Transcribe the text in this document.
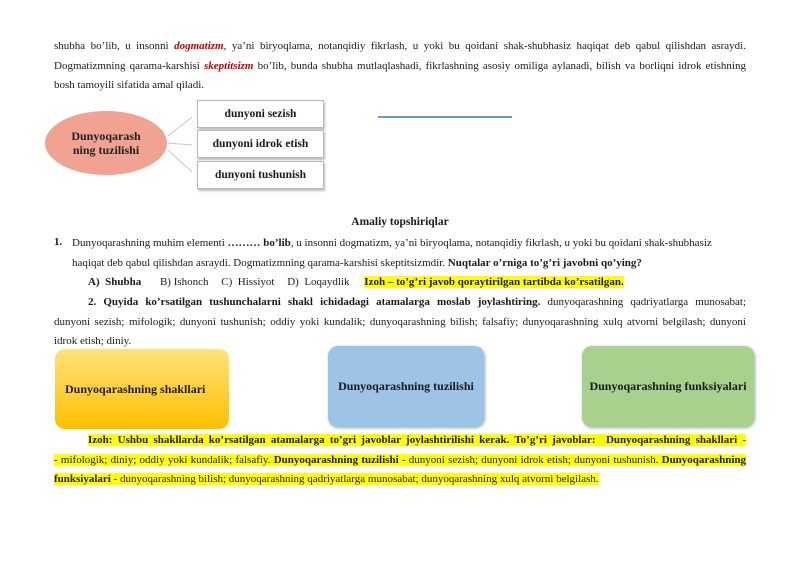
shubha bo’lib, u insonni dogmatizm, ya’ni biryoqlama, notanqidiy fikrlash, u yoki bu qoidani shak-shubhasiz haqiqat deb qabul qilishdan asraydi.
Dogmatizmning qarama-karshisi skeptitsizm bo’lib, bunda shubha mutlaqlashadi, fikrlashning asosiy omiliga aylanadi, bilish va borliqni idrok etishning
bosh tamoyili sifatida amal qiladi.
Dunyoqarash ning tuzilishi
dunyoni sezish
dunyoni idrok etish
dunyoni tushunish
Amaliy topshiriqlar
1. Dunyoqarashning muhim elementi ……… bo’lib, u insonni dogmatizm, ya’ni biryoqlama, notanqidiy fikrlash, u yoki bu qoidani shak-shubhasiz
haqiqat deb qabul qilishdan asraydi. Dogmatizmning qarama-karshisi skeptitsizmdir. Nuqtalar o’rniga to’g’ri javobni qo’ying?
A) Shubha B) Ishonch C) Hissiyot D) Loqaydlik Izoh – to’g’ri javob qoraytirilgan tartibda ko’rsatilgan.
2. Quyida ko’rsatilgan tushunchalarni shakl ichidadagi atamalarga moslab joylashtiring. dunyoqarashning qadriyatlarga munosabat;
dunyoni sezish; mifologik; dunyoni tushunish; oddiy yoki kundalik; dunyoqarashning bilish; falsafiy; dunyoqarashning xulq atvorni belgilash; dunyoni
idrok etish; diniy.
Dunyoqarashning shakllari	Dunyoqarashning tuzilishi	Dunyoqarashning funksiyalari
Izoh: Ushbu shakllarda ko’rsatilgan atamalarga to’gri javoblar joylashtirilishi kerak. To’g’ri javoblar: Dunyoqarashning shakllari -
- mifologik; diniy; oddiy yoki kundalik; falsafiy. Dunyoqarashning tuzilishi - dunyoni sezish; dunyoni idrok etish; dunyoni tushunish. Dunyoqarashning
funksiyalari - dunyoqarashning bilish; dunyoqarashning qadriyatlarga munosabat; dunyoqarashning xulq atvorni belgilash.
